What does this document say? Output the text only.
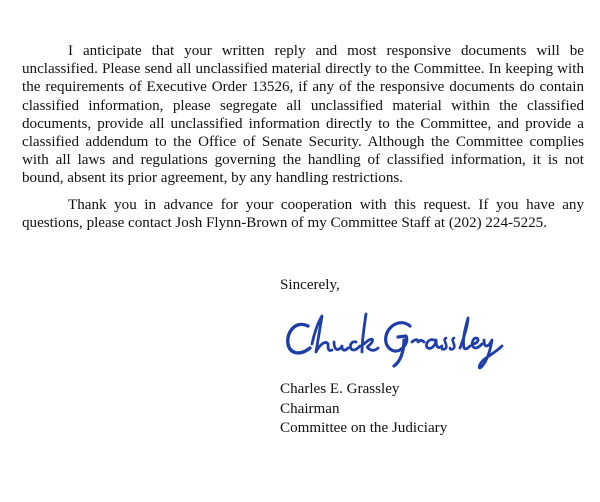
I anticipate that your written reply and most responsive documents will be unclassified. Please send all unclassified material directly to the Committee. In keeping with the requirements of Executive Order 13526, if any of the responsive documents do contain classified information, please segregate all unclassified material within the classified documents, provide all unclassified information directly to the Committee, and provide a classified addendum to the Office of Senate Security. Although the Committee complies with all laws and regulations governing the handling of classified information, it is not bound, absent its prior agreement, by any handling restrictions.

Thank you in advance for your cooperation with this request. If you have any questions, please contact Josh Flynn-Brown of my Committee Staff at (202) 224-5225.

Sincerely,

Charles E. Grassley
Chairman
Committee on the Judiciary
